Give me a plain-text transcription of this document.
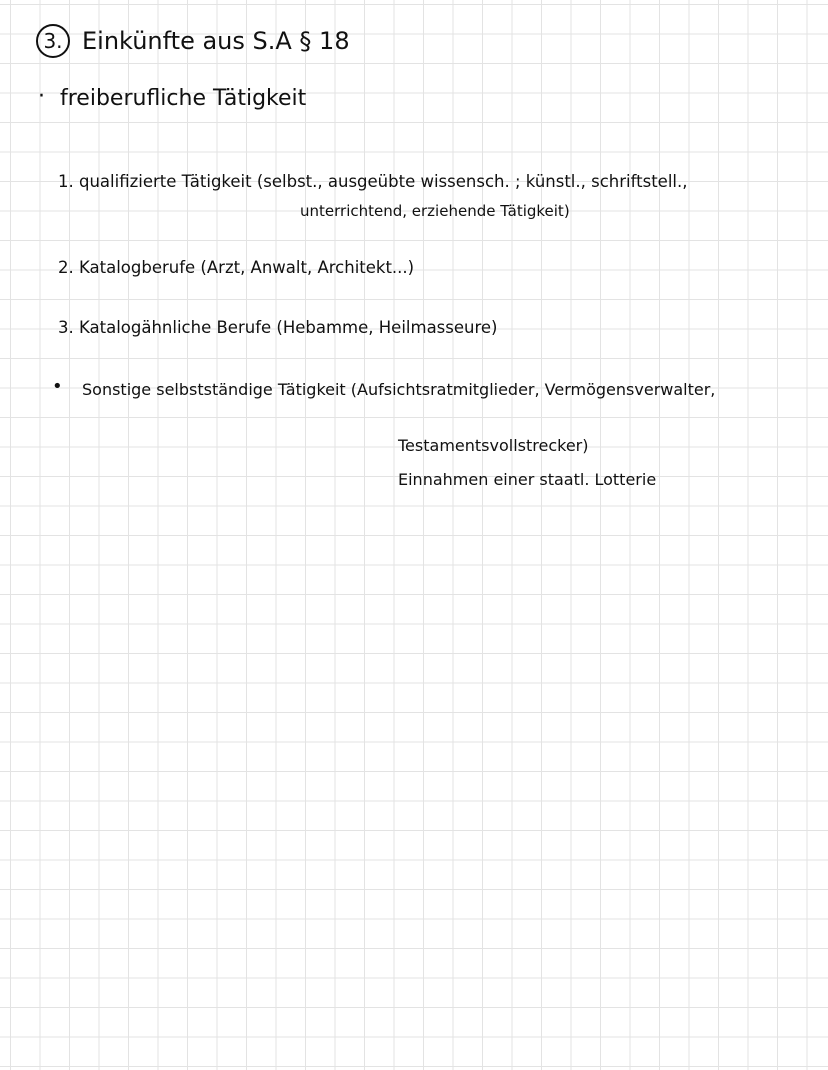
3. Einkünfte aus S.A § 18
· freiberufliche Tätigkeit
1. qualifizierte Tätigkeit (selbst., ausgeübte wissensch. ; künstl., schriftstell.,
unterrichtend, erziehende Tätigkeit)
2. Katalogberufe (Arzt, Anwalt, Architekt...)
3. Katalogähnliche Berufe (Hebamme, Heilmasseure)
• Sonstige selbstständige Tätigkeit (Aufsichtsratmitglieder, Vermögensverwalter,
Testamentsvollstrecker)
Einnahmen einer staatl. Lotterie
